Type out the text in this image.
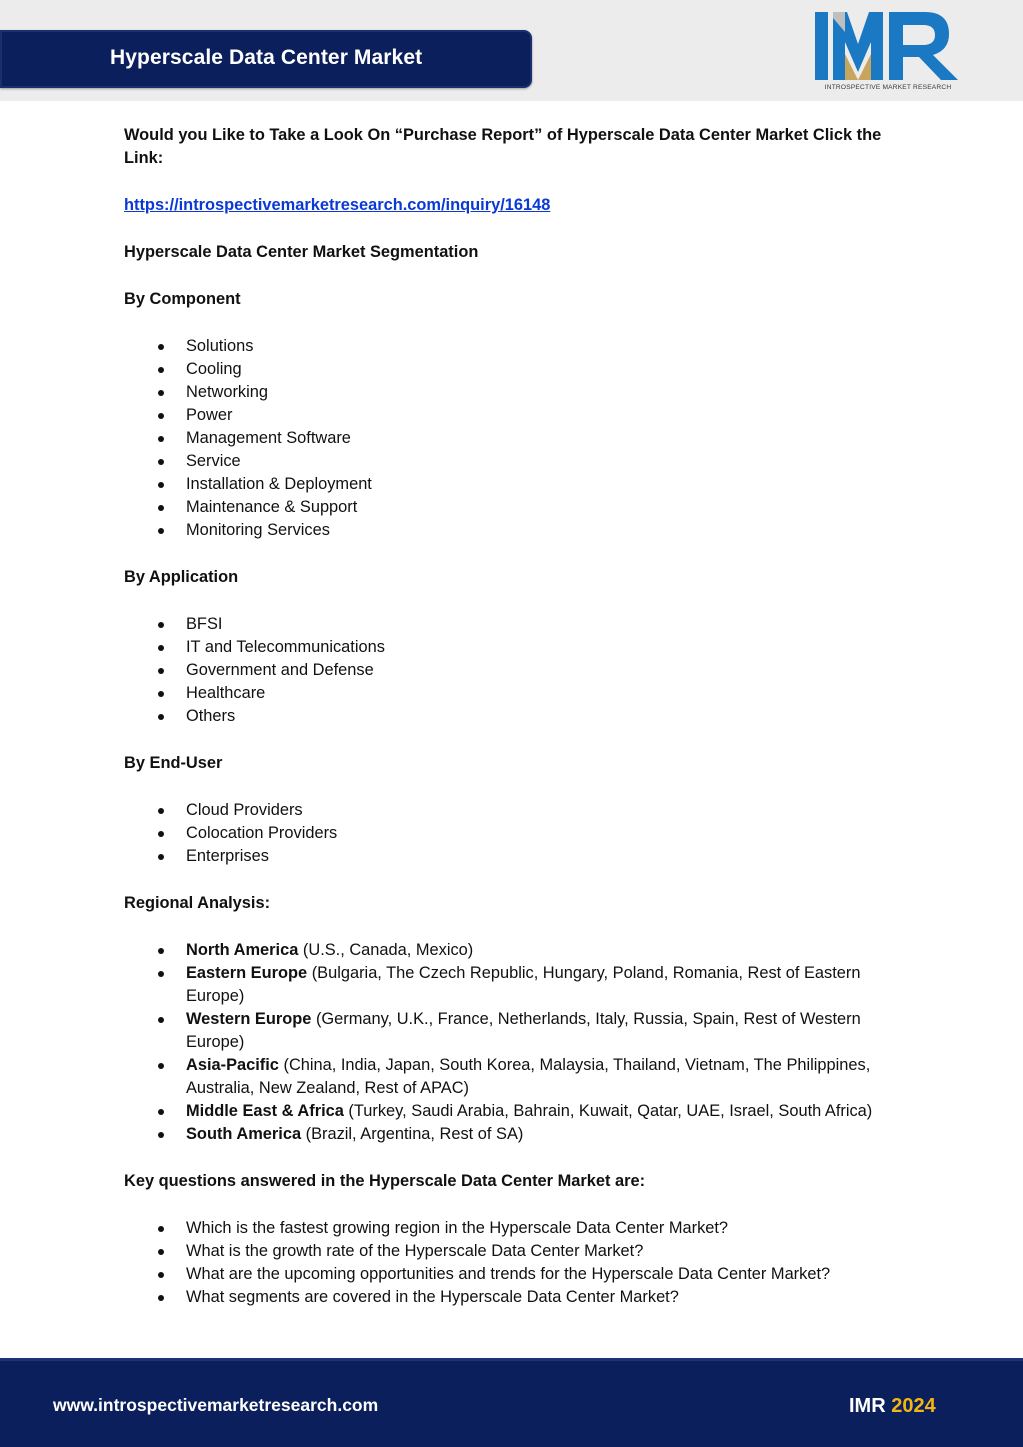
Hyperscale Data Center Market
INTROSPECTIVE MARKET RESEARCH

Would you Like to Take a Look On “Purchase Report” of Hyperscale Data Center Market Click the Link:

https://introspectivemarketresearch.com/inquiry/16148

Hyperscale Data Center Market Segmentation

By Component

Solutions
Cooling
Networking
Power
Management Software
Service
Installation & Deployment
Maintenance & Support
Monitoring Services

By Application

BFSI
IT and Telecommunications
Government and Defense
Healthcare
Others

By End-User

Cloud Providers
Colocation Providers
Enterprises

Regional Analysis:

North America (U.S., Canada, Mexico)
Eastern Europe (Bulgaria, The Czech Republic, Hungary, Poland, Romania, Rest of Eastern Europe)
Western Europe (Germany, U.K., France, Netherlands, Italy, Russia, Spain, Rest of Western Europe)
Asia-Pacific (China, India, Japan, South Korea, Malaysia, Thailand, Vietnam, The Philippines, Australia, New Zealand, Rest of APAC)
Middle East & Africa (Turkey, Saudi Arabia, Bahrain, Kuwait, Qatar, UAE, Israel, South Africa)
South America (Brazil, Argentina, Rest of SA)

Key questions answered in the Hyperscale Data Center Market are:

Which is the fastest growing region in the Hyperscale Data Center Market?
What is the growth rate of the Hyperscale Data Center Market?
What are the upcoming opportunities and trends for the Hyperscale Data Center Market?
What segments are covered in the Hyperscale Data Center Market?
www.introspectivemarketresearch.com	IMR 2024
